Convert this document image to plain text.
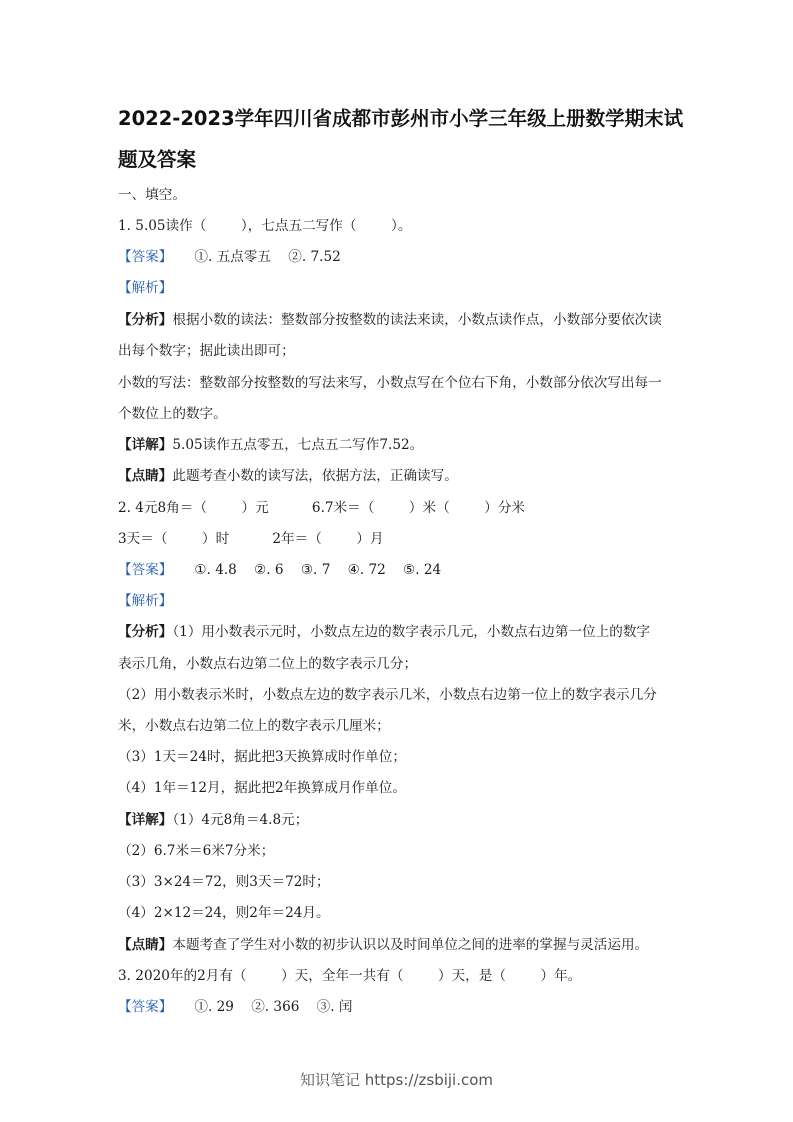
2022-2023学年四川省成都市彭州市小学三年级上册数学期末试题及答案
一、填空。
1. 5.05读作（        ），七点五二写作（        ）。
【答案】 ①. 五点零五    ②. 7.52
【解析】
【分析】根据小数的读法：整数部分按整数的读法来读，小数点读作点，小数部分要依次读
出每个数字；据此读出即可；
小数的写法：整数部分按整数的写法来写，小数点写在个位右下角，小数部分依次写出每一
个数位上的数字。
【详解】5.05读作五点零五，七点五二写作7.52。
【点睛】此题考查小数的读写法，依据方法，正确读写。
2. 4元8角＝（        ）元          6.7米＝（        ）米（        ）分米
3天＝（        ）时          2年＝（        ）月
【答案】 ①. 4.8    ②. 6    ③. 7    ④. 72    ⑤. 24
【解析】
【分析】（1）用小数表示元时，小数点左边的数字表示几元，小数点右边第一位上的数字
表示几角，小数点右边第二位上的数字表示几分；
（2）用小数表示米时，小数点左边的数字表示几米，小数点右边第一位上的数字表示几分
米，小数点右边第二位上的数字表示几厘米；
（3）1天＝24时，据此把3天换算成时作单位；
（4）1年＝12月，据此把2年换算成月作单位。
【详解】（1）4元8角＝4.8元；
（2）6.7米＝6米7分米；
（3）3×24＝72，则3天＝72时；
（4）2×12＝24，则2年＝24月。
【点睛】本题考查了学生对小数的初步认识以及时间单位之间的进率的掌握与灵活运用。
3. 2020年的2月有（        ）天，全年一共有（        ）天，是（        ）年。
【答案】 ①. 29    ②. 366    ③. 闰
知识笔记 https://zsbiji.com
